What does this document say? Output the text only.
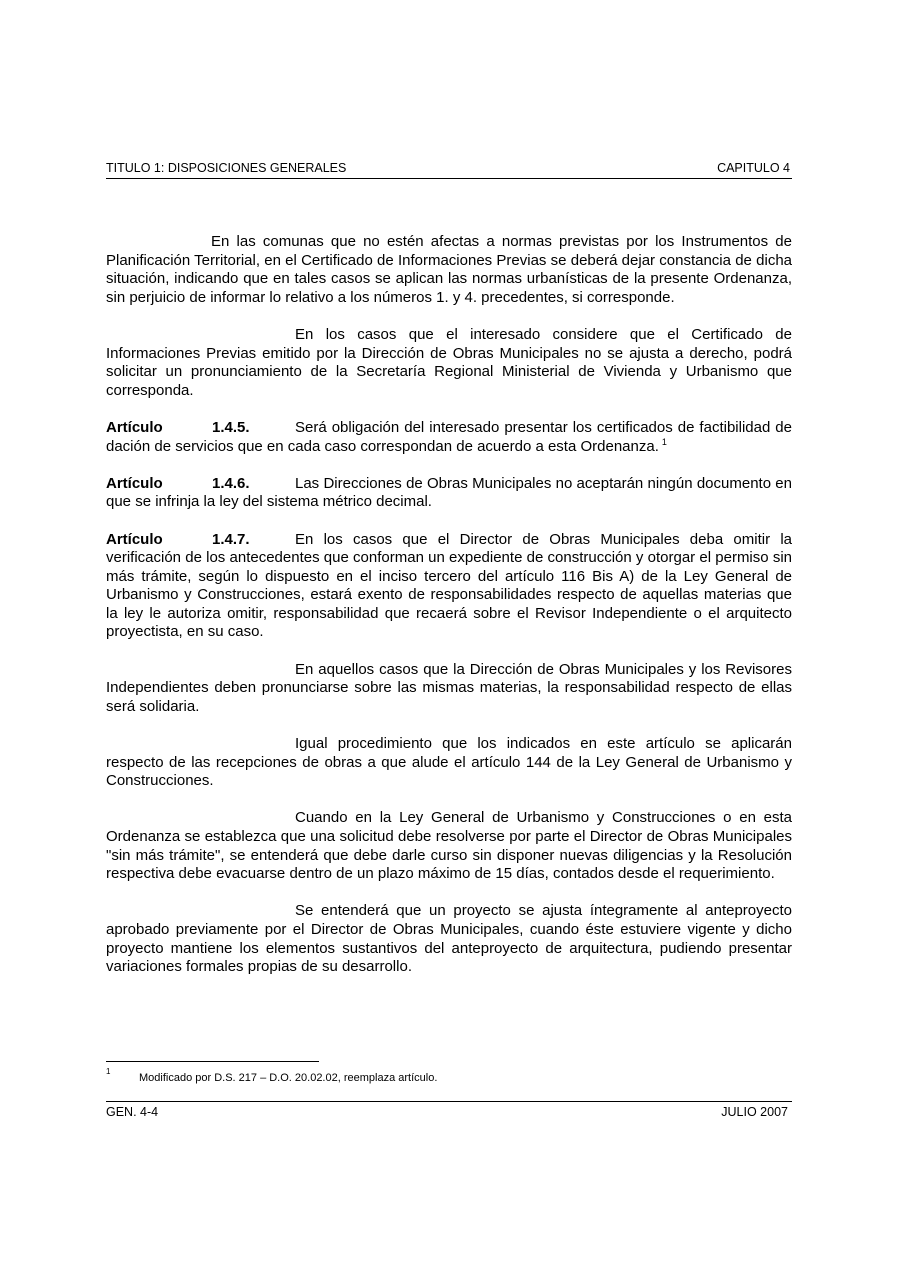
TITULO 1: DISPOSICIONES GENERALES	CAPITULO 4

En las comunas que no estén afectas a normas previstas por los Instrumentos de Planificación Territorial, en el Certificado de Informaciones Previas se deberá dejar constancia de dicha situación, indicando que en tales casos se aplican las normas urbanísticas de la presente Ordenanza, sin perjuicio de informar lo relativo a los números 1. y 4. precedentes, si corresponde.

En los casos que el interesado considere que el Certificado de Informaciones Previas emitido por la Dirección de Obras Municipales no se ajusta a derecho, podrá solicitar un pronunciamiento de la Secretaría Regional Ministerial de Vivienda y Urbanismo que corresponda.

Artículo	1.4.5.	Será obligación del interesado presentar los certificados de factibilidad de dación de servicios que en cada caso correspondan de acuerdo a esta Ordenanza. $^1$

Artículo	1.4.6.	Las Direcciones de Obras Municipales no aceptarán ningún documento en que se infrinja la ley del sistema métrico decimal.

Artículo	1.4.7.	En los casos que el Director de Obras Municipales deba omitir la verificación de los antecedentes que conforman un expediente de construcción y otorgar el permiso sin más trámite, según lo dispuesto en el inciso tercero del artículo 116 Bis A) de la Ley General de Urbanismo y Construcciones, estará exento de responsabilidades respecto de aquellas materias que la ley le autoriza omitir, responsabilidad que recaerá sobre el Revisor Independiente o el arquitecto proyectista, en su caso.

En aquellos casos que la Dirección de Obras Municipales y los Revisores Independientes deben pronunciarse sobre las mismas materias, la responsabilidad respecto de ellas será solidaria.

Igual procedimiento que los indicados en este artículo se aplicarán respecto de las recepciones de obras a que alude el artículo 144 de la Ley General de Urbanismo y Construcciones.

Cuando en la Ley General de Urbanismo y Construcciones o en esta Ordenanza se establezca que una solicitud debe resolverse por parte el Director de Obras Municipales "sin más trámite", se entenderá que debe darle curso sin disponer nuevas diligencias y la Resolución respectiva debe evacuarse dentro de un plazo máximo de 15 días, contados desde el requerimiento.

Se entenderá que un proyecto se ajusta íntegramente al anteproyecto aprobado previamente por el Director de Obras Municipales, cuando éste estuviere vigente y dicho proyecto mantiene los elementos sustantivos del anteproyecto de arquitectura, pudiendo presentar variaciones formales propias de su desarrollo.

1
Modificado por D.S. 217 – D.O. 20.02.02, reemplaza artículo.
GEN. 4-4	JULIO 2007
